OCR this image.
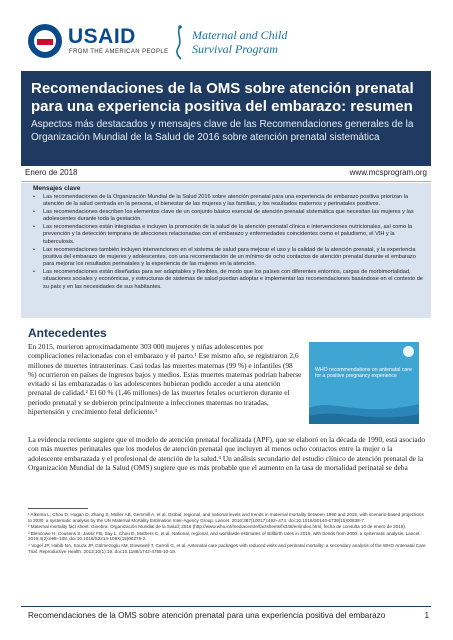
USAID
FROM THE AMERICAN PEOPLE
Maternal and Child
Survival Program
Recomendaciones de la OMS sobre atención prenatal para una experiencia positiva del embarazo: resumen
Aspectos más destacados y mensajes clave de las Recomendaciones generales de la Organización Mundial de la Salud de 2016 sobre atención prenatal sistemática
Enero de 2018	www.mcsprogram.org
Mensajes clave
• Las recomendaciones de la Organización Mundial de la Salud 2016 sobre atención prenatal para una experiencia de embarazo positiva priorizan la atención de la salud centrada en la persona, el bienestar de las mujeres y las familias, y los resultados maternos y perinatales positivos.
• Las recomendaciones describen los elementos clave de un conjunto básico esencial de atención prenatal sistemática que necesitan las mujeres y las adolescentes durante toda la gestación.
• Las recomendaciones están integradas e incluyen la promoción de la salud de la atención prenatal clínica e intervenciones nutricionales, así como la prevención y la detección temprana de afecciones relacionadas con el embarazo y enfermedades coincidentes como el paludismo, el VIH y la tuberculosis.
• Las recomendaciones también incluyen intervenciones en el sistema de salud para mejorar el uso y la calidad de la atención prenatal, y la experiencia positiva del embarazo de mujeres y adolescentes, con una recomendación de un mínimo de ocho contactos de atención prenatal durante el embarazo para mejorar los resultados perinatales y la experiencia de las mujeres en la atención.
• Las recomendaciones están diseñadas para ser adaptables y flexibles, de modo que los países con diferentes entornos, cargas de morbimortalidad, situaciones sociales y económicas, y estructuras de sistemas de salud puedan adoptar e implementar las recomendaciones basándose en el contexto de su país y en las necesidades de sus habitantes.
Antecedentes

En 2015, murieron aproximadamente 303 000 mujeres y niñas adolescentes por complicaciones relacionadas con el embarazo y el parto.¹ Ese mismo año, se registraron 2,6 millones de muertes intrauterinas. Casi todas las muertes maternas (99 %) e infantiles (98 %) ocurrieron en países de ingresos bajos y medios. Estas muertes maternas podrían haberse evitado si las embarazadas o las adolescentes hubieran podido acceder a una atención prenatal de calidad.² El 60 % (1,46 millones) de las muertes fetales ocurrieron durante el período prenatal y se debieron principalmente a infecciones maternas no tratadas, hipertensión y crecimiento fetal deficiente.³

WHO recommendations on antenatal care for a positive pregnancy experience

La evidencia reciente sugiere que el modelo de atención prenatal focalizada (APF), que se elaboró en la década de 1990, está asociado con más muertes perinatales que los modelos de atención prenatal que incluyen al menos ocho contactos entre la mujer o la adolescente embarazada y el profesional de atención de la salud.⁴ Un análisis secundario del estudio clínico de atención prenatal de la Organización Mundial de la Salud (OMS) sugiere que es más probable que el aumento en la tasa de mortalidad perinatal se deba

¹ Alkema L, Chou D, Hogan D, Zhang S, Moller AB, Gemmill A, et al. Global, regional, and national levels and trends in maternal mortality between 1990 and 2015, with scenario-based projections to 2030: a systematic analysis by the UN Maternal Mortality Estimation Inter-Agency Group. Lancet. 2016;387(10017):462–474. doi:10.1016/S0140-6736(15)00838-7.
² Maternal mortality fact sheet. Ginebra: Organización Mundial de la Salud; 2016 (http://www.who.int/mediacentre/factsheets/fs348/en/index.html, fecha de consulta 10 de enero de 2018).
³ Blencowe H, Cousens S, Jassir FB, Say L, Chou D, Mathers C, et al. National, regional, and worldwide estimates of stillbirth rates in 2015, with trends from 2000: a systematic analysis. Lancet. 2016;4(2):e98–108. doi:10.1016/S2214-109X(15)00275-2.
⁴ Vogel JP, Habib NA, Souza JP, Gülmezoglu AM, Dowswell T, Carroli G, et al. Antenatal care packages with reduced visits and perinatal mortality: a secondary analysis of the WHO Antenatal Care Trial. Reproductive Health. 2013;10(1):19. doi:10.1186/1742-4755-10-19.
Recomendaciones de la OMS sobre atención prenatal para una experiencia positiva del embarazo	1
